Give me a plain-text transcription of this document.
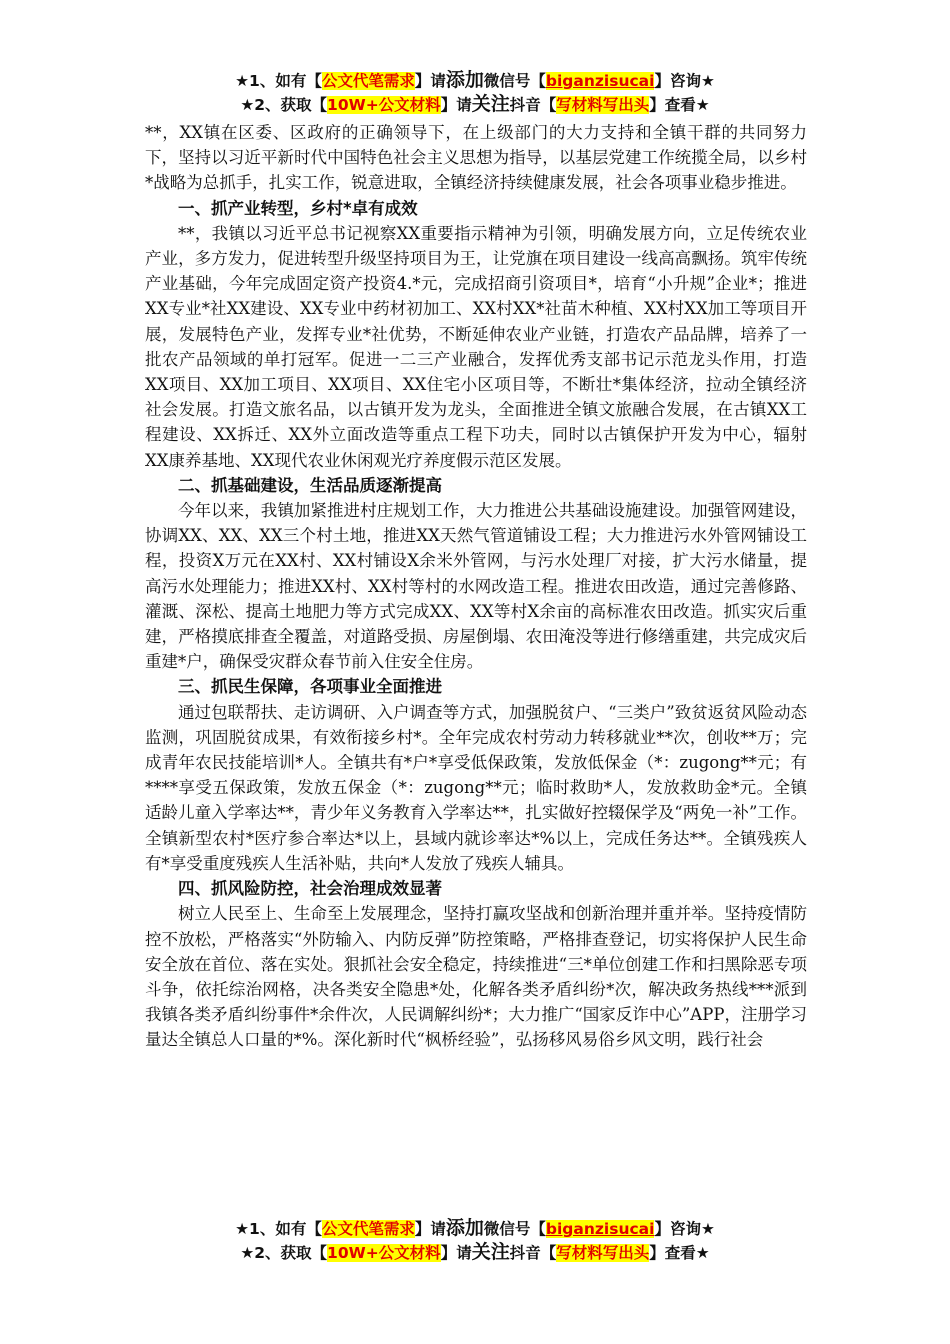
★1、如有【公文代笔需求】请添加微信号【biganzisucai】咨询★
★2、获取【10W+公文材料】请关注抖音【写材料写出头】查看★

**，XX镇在区委、区政府的正确领导下，在上级部门的大力支持和全镇干群的共同努力下，坚持以习近平新时代中国特色社会主义思想为指导，以基层党建工作统揽全局，以乡村*战略为总抓手，扎实工作，锐意进取，全镇经济持续健康发展，社会各项事业稳步推进。

一、抓产业转型，乡村*卓有成效

**，我镇以习近平总书记视察XX重要指示精神为引领，明确发展方向，立足传统农业产业，多方发力，促进转型升级坚持项目为王，让党旗在项目建设一线高高飘扬。筑牢传统产业基础，今年完成固定资产投资4.*元，完成招商引资项目*，培育“小升规”企业*；推进XX专业*社XX建设、XX专业中药材初加工、XX村XX*社苗木种植、XX村XX加工等项目开展，发展特色产业，发挥专业*社优势，不断延伸农业产业链，打造农产品品牌，培养了一批农产品领域的单打冠军。促进一二三产业融合，发挥优秀支部书记示范龙头作用，打造XX项目、XX加工项目、XX项目、XX住宅小区项目等，不断壮*集体经济，拉动全镇经济社会发展。打造文旅名品，以古镇开发为龙头，全面推进全镇文旅融合发展，在古镇XX工程建设、XX拆迁、XX外立面改造等重点工程下功夫，同时以古镇保护开发为中心，辐射XX康养基地、XX现代农业休闲观光疗养度假示范区发展。

二、抓基础建设，生活品质逐渐提高

今年以来，我镇加紧推进村庄规划工作，大力推进公共基础设施建设。加强管网建设，协调XX、XX、XX三个村土地，推进XX天然气管道铺设工程；大力推进污水外管网铺设工程，投资X万元在XX村、XX村铺设X余米外管网，与污水处理厂对接，扩大污水储量，提高污水处理能力；推进XX村、XX村等村的水网改造工程。推进农田改造，通过完善修路、灌溉、深松、提高土地肥力等方式完成XX、XX等村X余亩的高标准农田改造。抓实灾后重建，严格摸底排查全覆盖，对道路受损、房屋倒塌、农田淹没等进行修缮重建，共完成灾后重建*户，确保受灾群众春节前入住安全住房。

三、抓民生保障，各项事业全面推进

通过包联帮扶、走访调研、入户调查等方式，加强脱贫户、“三类户”致贫返贫风险动态监测，巩固脱贫成果，有效衔接乡村*。全年完成农村劳动力转移就业**次，创收**万；完成青年农民技能培训*人。全镇共有*户*享受低保政策，发放低保金（*：zugong**元；有****享受五保政策，发放五保金（*：zugong**元；临时救助*人，发放救助金*元。全镇适龄儿童入学率达**，青少年义务教育入学率达**，扎实做好控辍保学及“两免一补”工作。全镇新型农村*医疗参合率达*以上，县域内就诊率达*%以上，完成任务达**。全镇残疾人有*享受重度残疾人生活补贴，共向*人发放了残疾人辅具。

四、抓风险防控，社会治理成效显著

树立人民至上、生命至上发展理念，坚持打赢攻坚战和创新治理并重并举。坚持疫情防控不放松，严格落实“外防输入、内防反弹”防控策略，严格排查登记，切实将保护人民生命安全放在首位、落在实处。狠抓社会安全稳定，持续推进“三*单位创建工作和扫黑除恶专项斗争，依托综治网格，决各类安全隐患*处，化解各类矛盾纠纷*次，解决政务热线***派到我镇各类矛盾纠纷事件*余件次，人民调解纠纷*；大力推广“国家反诈中心”APP，注册学习量达全镇总人口量的*%。深化新时代“枫桥经验”，弘扬移风易俗乡风文明，践行社会

★1、如有【公文代笔需求】请添加微信号【biganzisucai】咨询★
★2、获取【10W+公文材料】请关注抖音【写材料写出头】查看★
